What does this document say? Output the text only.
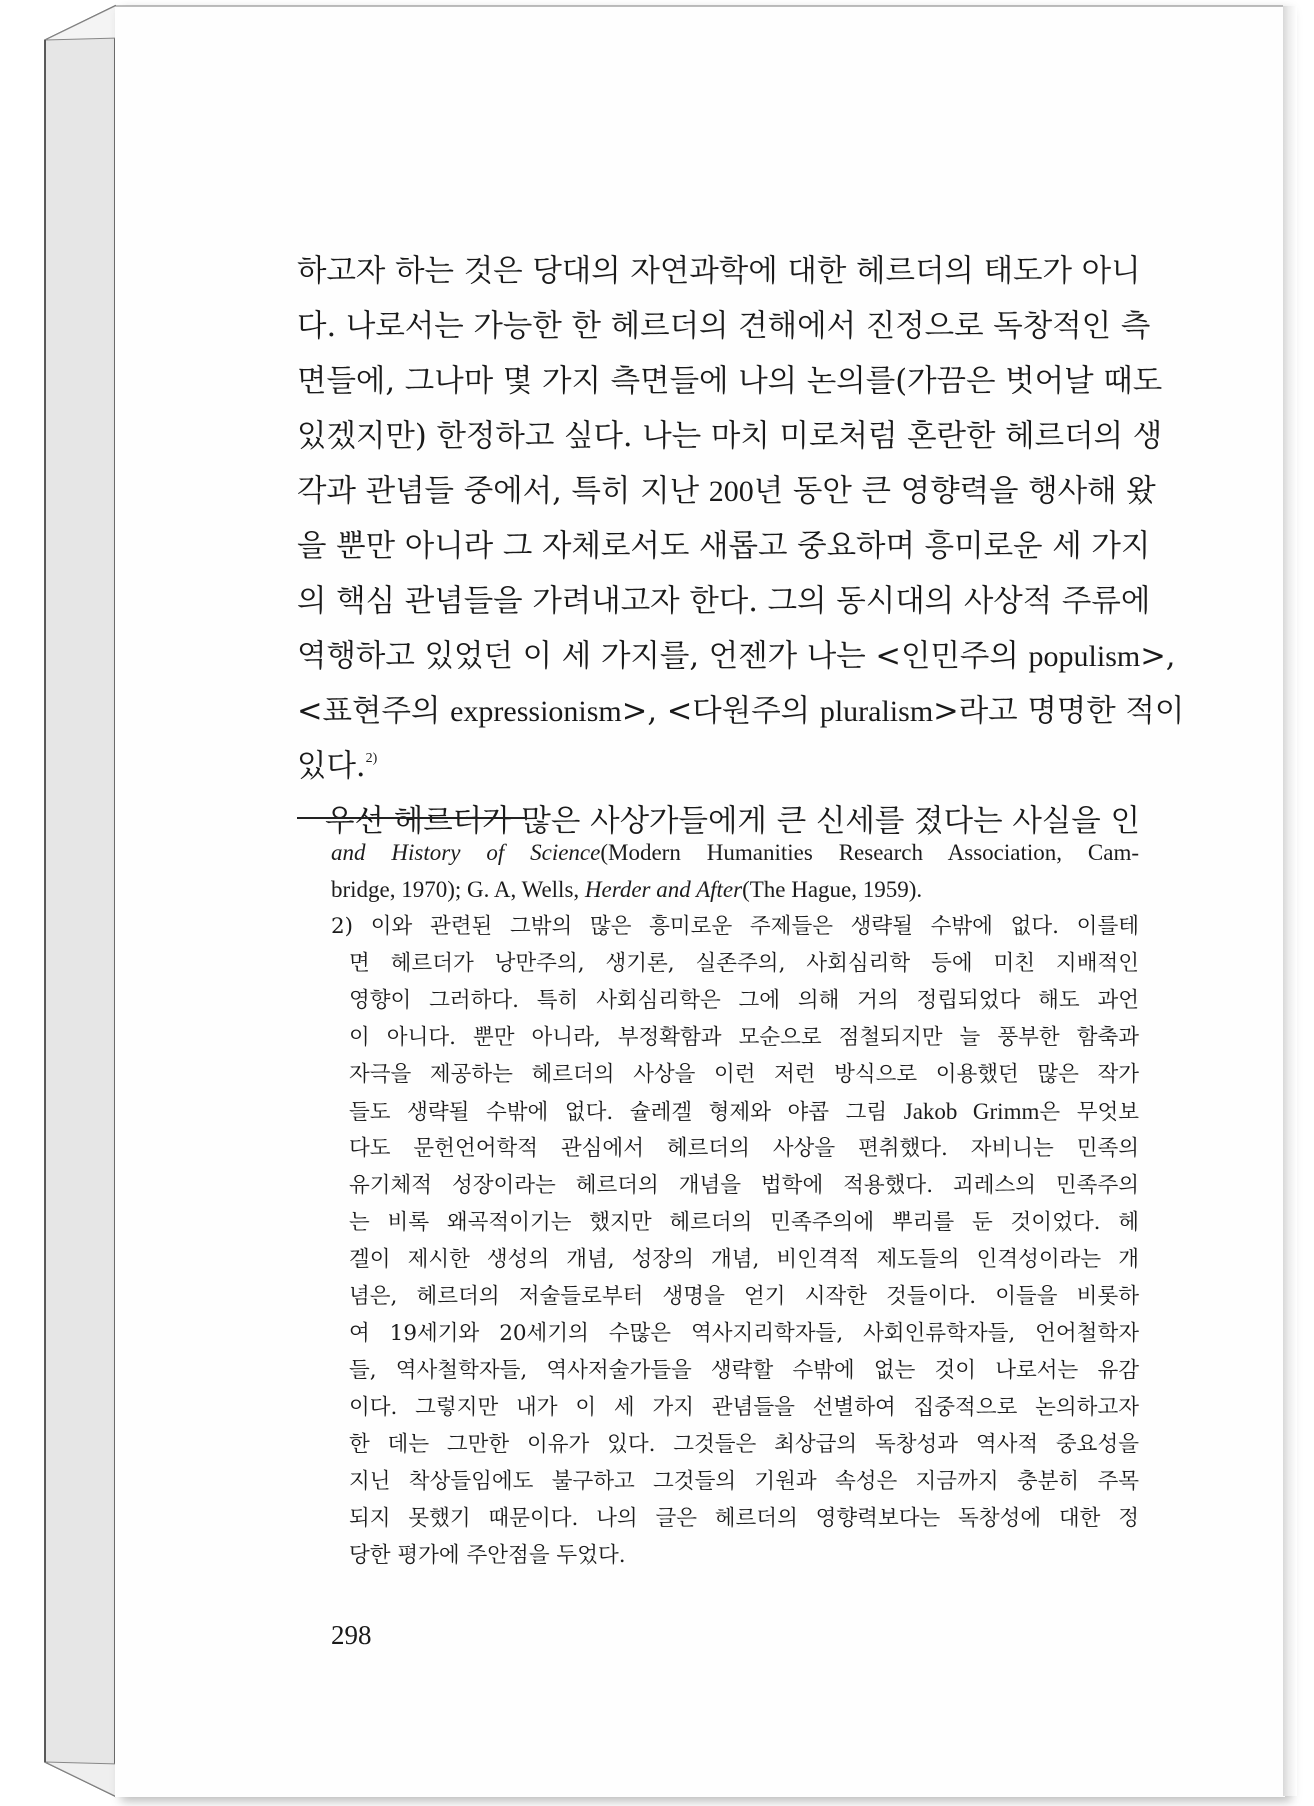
하고자 하는 것은 당대의 자연과학에 대한 헤르더의 태도가 아니
다. 나로서는 가능한 한 헤르더의 견해에서 진정으로 독창적인 측
면들에, 그나마 몇 가지 측면들에 나의 논의를(가끔은 벗어날 때도
있겠지만) 한정하고 싶다. 나는 마치 미로처럼 혼란한 헤르더의 생
각과 관념들 중에서, 특히 지난 200년 동안 큰 영향력을 행사해 왔
을 뿐만 아니라 그 자체로서도 새롭고 중요하며 흥미로운 세 가지
의 핵심 관념들을 가려내고자 한다. 그의 동시대의 사상적 주류에
역행하고 있었던 이 세 가지를, 언젠가 나는 <인민주의 populism>,
<표현주의 expressionism>, <다원주의 pluralism>라고 명명한 적이
있다.$^{2)}$
우선 헤르더가 많은 사상가들에게 큰 신세를 졌다는 사실을 인
and History of Science(Modern Humanities Research Association, Cam-
bridge, 1970); G. A, Wells, Herder and After(The Hague, 1959).
2) 이와 관련된 그밖의 많은 흥미로운 주제들은 생략될 수밖에 없다. 이를테
면 헤르더가 낭만주의, 생기론, 실존주의, 사회심리학 등에 미친 지배적인
영향이 그러하다. 특히 사회심리학은 그에 의해 거의 정립되었다 해도 과언
이 아니다. 뿐만 아니라, 부정확함과 모순으로 점철되지만 늘 풍부한 함축과
자극을 제공하는 헤르더의 사상을 이런 저런 방식으로 이용했던 많은 작가
들도 생략될 수밖에 없다. 슐레겔 형제와 야콥 그림 Jakob Grimm은 무엇보
다도 문헌언어학적 관심에서 헤르더의 사상을 편취했다. 자비니는 민족의
유기체적 성장이라는 헤르더의 개념을 법학에 적용했다. 괴레스의 민족주의
는 비록 왜곡적이기는 했지만 헤르더의 민족주의에 뿌리를 둔 것이었다. 헤
겔이 제시한 생성의 개념, 성장의 개념, 비인격적 제도들의 인격성이라는 개
념은, 헤르더의 저술들로부터 생명을 얻기 시작한 것들이다. 이들을 비롯하
여 19세기와 20세기의 수많은 역사지리학자들, 사회인류학자들, 언어철학자
들, 역사철학자들, 역사저술가들을 생략할 수밖에 없는 것이 나로서는 유감
이다. 그렇지만 내가 이 세 가지 관념들을 선별하여 집중적으로 논의하고자
한 데는 그만한 이유가 있다. 그것들은 최상급의 독창성과 역사적 중요성을
지닌 착상들임에도 불구하고 그것들의 기원과 속성은 지금까지 충분히 주목
되지 못했기 때문이다. 나의 글은 헤르더의 영향력보다는 독창성에 대한 정
당한 평가에 주안점을 두었다.
298
